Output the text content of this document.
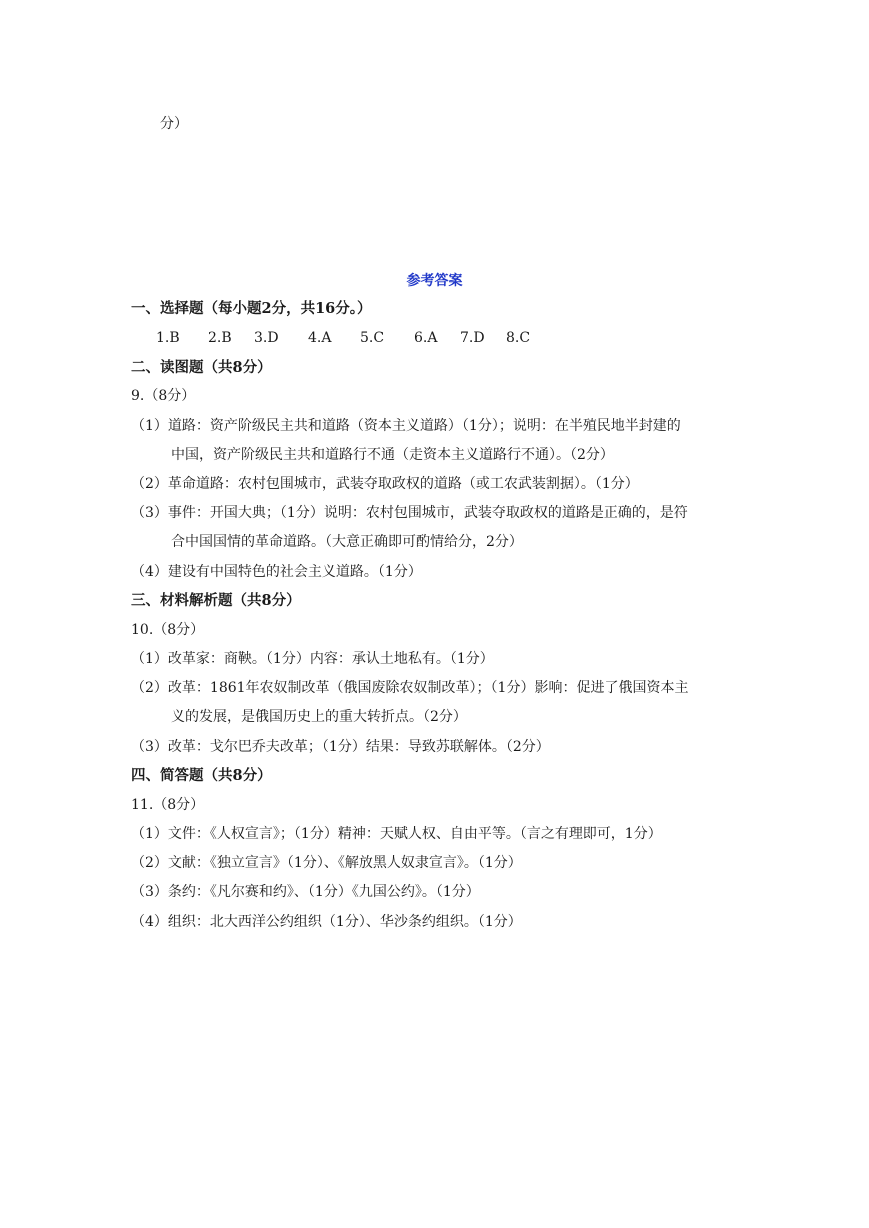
分）
参考答案
一、选择题（每小题2分，共16分。）
1.B 2.B 3.D 4.A 5.C 6.A 7.D 8.C
二、读图题（共8分）
9.（8分）
（1）道路：资产阶级民主共和道路（资本主义道路）（1分）；说明：在半殖民地半封建的
中国，资产阶级民主共和道路行不通（走资本主义道路行不通）。（2分）
（2）革命道路：农村包围城市，武装夺取政权的道路（或工农武装割据）。（1分）
（3）事件：开国大典；（1分）说明：农村包围城市，武装夺取政权的道路是正确的，是符
合中国国情的革命道路。（大意正确即可酌情给分，2分）
（4）建设有中国特色的社会主义道路。（1分）
三、材料解析题（共8分）
10.（8分）
（1）改革家：商鞅。（1分）内容：承认土地私有。（1分）
（2）改革：1861年农奴制改革（俄国废除农奴制改革）；（1分）影响：促进了俄国资本主
义的发展，是俄国历史上的重大转折点。（2分）
（3）改革：戈尔巴乔夫改革；（1分）结果：导致苏联解体。（2分）
四、简答题（共8分）
11.（8分）
（1）文件：《人权宣言》；（1分）精神：天赋人权、自由平等。（言之有理即可，1分）
（2）文献：《独立宣言》（1分）、《解放黑人奴隶宣言》。（1分）
（3）条约：《凡尔赛和约》、（1分）《九国公约》。（1分）
（4）组织：北大西洋公约组织（1分）、华沙条约组织。（1分）
